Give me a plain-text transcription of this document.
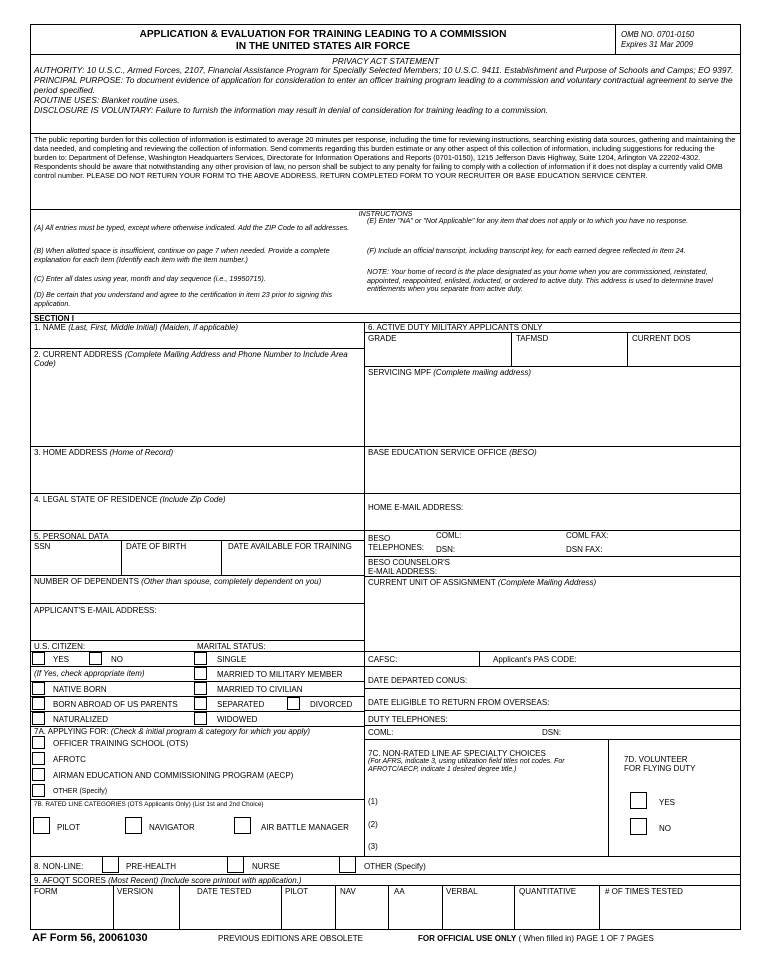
APPLICATION & EVALUATION FOR TRAINING LEADING TO A COMMISSION
IN THE UNITED STATES AIR FORCE
OMB NO. 0701-0150
Expires 31 Mar 2009
PRIVACY ACT STATEMENT
AUTHORITY: 10 U.S.C., Armed Forces, 2107, Financial Assistance Program for Specially Selected Members; 10 U.S.C. 9411. Establishment and Purpose of Schools and Camps; EO 9397.
PRINCIPAL PURPOSE: To document evidence of application for consideration to enter an officer training program leading to a commission and voluntary contractual agreement to serve the period specified.
ROUTINE USES: Blanket routine uses.
DISCLOSURE IS VOLUNTARY: Failure to furnish the information may result in denial of consideration for training leading to a commission.
The public reporting burden for this collection of information is estimated to average 20 minutes per response, including the time for reviewing instructions, searching existing data sources, gathering and maintaining the data needed, and completing and reviewing the collection of information. Send comments regarding this burden estimate or any other aspect of this collection of information, including suggestions for reducing the burden to: Department of Defense, Washington Headquarters Services, Directorate for Information Operations and Reports (0701-0150), 1215 Jefferson Davis Highway, Suite 1204, Arlington VA 22202-4302. Respondents should be aware that notwithstanding any other provision of law, no person shall be subject to any penalty for failing to comply with a collection of information if it does not display a currently valid OMB control number. PLEASE DO NOT RETURN YOUR FORM TO THE ABOVE ADDRESS. RETURN COMPLETED FORM TO YOUR RECRUITER OR BASE EDUCATION SERVICE CENTER.
INSTRUCTIONS
(A) All entries must be typed, except where otherwise indicated. Add the ZIP Code to all addresses.
(B) When allotted space is insufficient, continue on page 7 when needed. Provide a complete explanation for each item (Identify each item with the item number.)
(C) Enter all dates using year, month and day sequence (i.e., 19950715).
(D) Be certain that you understand and agree to the certification in item 23 prior to signing this application.
(E) Enter "NA" or "Not Applicable" for any item that does not apply or to which you have no response.
(F) Include an official transcript, including transcript key, for each earned degree reflected in Item 24.
NOTE: Your home of record is the place designated as your home when you are commissioned, reinstated, appointed, reappointed, enlisted, inducted, or ordered to active duty. This address is used to determine travel entitlements when you separate from active duty.
SECTION I
1. NAME (Last, First, Middle Initial) (Maiden, if applicable)
2. CURRENT ADDRESS (Complete Mailing Address and Phone Number to Include Area Code)
3. HOME ADDRESS (Home of Record)
4. LEGAL STATE OF RESIDENCE (Include Zip Code)
5. PERSONAL DATA
SSN	DATE OF BIRTH	DATE AVAILABLE FOR TRAINING
NUMBER OF DEPENDENTS (Other than spouse, completely dependent on you)
APPLICANT'S E-MAIL ADDRESS:
U.S. CITIZEN:	MARITAL STATUS:
YES	NO	SINGLE
(If Yes, check appropriate item)	MARRIED TO MILITARY MEMBER
NATIVE BORN	MARRIED TO CIVILIAN
BORN ABROAD OF US PARENTS	SEPARATED	DIVORCED
NATURALIZED	WIDOWED
7A. APPLYING FOR: (Check & initial program & category for which you apply)
OFFICER TRAINING SCHOOL (OTS)
AFROTC
AIRMAN EDUCATION AND COMMISSIONING PROGRAM (AECP)
OTHER (Specify)
7B. RATED LINE CATEGORIES (OTS Applicants Only) (List 1st and 2nd Choice)
PILOT	NAVIGATOR	AIR BATTLE MANAGER
6. ACTIVE DUTY MILITARY APPLICANTS ONLY
GRADE	TAFMSD	CURRENT DOS
SERVICING MPF (Complete mailing address)
BASE EDUCATION SERVICE OFFICE (BESO)
HOME E-MAIL ADDRESS:
BESO
TELEPHONES:
COML:	COML FAX:
DSN:	DSN FAX:
BESO COUNSELOR'S
E-MAIL ADDRESS:
CURRENT UNIT OF ASSIGNMENT (Complete Mailing Address)
CAFSC:	Applicant's PAS CODE:
DATE DEPARTED CONUS:
DATE ELIGIBLE TO RETURN FROM OVERSEAS:
DUTY TELEPHONES:
COML:	DSN:
7C. NON-RATED LINE AF SPECIALTY CHOICES
(For AFRS, indicate 3, using utilization field titles not codes. For AFROTC/AECP, indicate 1 desired degree title.)
(1)
(2)
(3)
7D. VOLUNTEER
FOR FLYING DUTY
YES
NO
8. NON-LINE:	PRE-HEALTH	NURSE	OTHER (Specify)
9. AFOQT SCORES (Most Recent) (Include score printout with application.)
FORM	VERSION	DATE TESTED	PILOT	NAV	AA	VERBAL	QUANTITATIVE	# OF TIMES TESTED
AF Form 56, 20061030	PREVIOUS EDITIONS ARE OBSOLETE	FOR OFFICIAL USE ONLY ( When filled in) PAGE 1 OF 7 PAGES
